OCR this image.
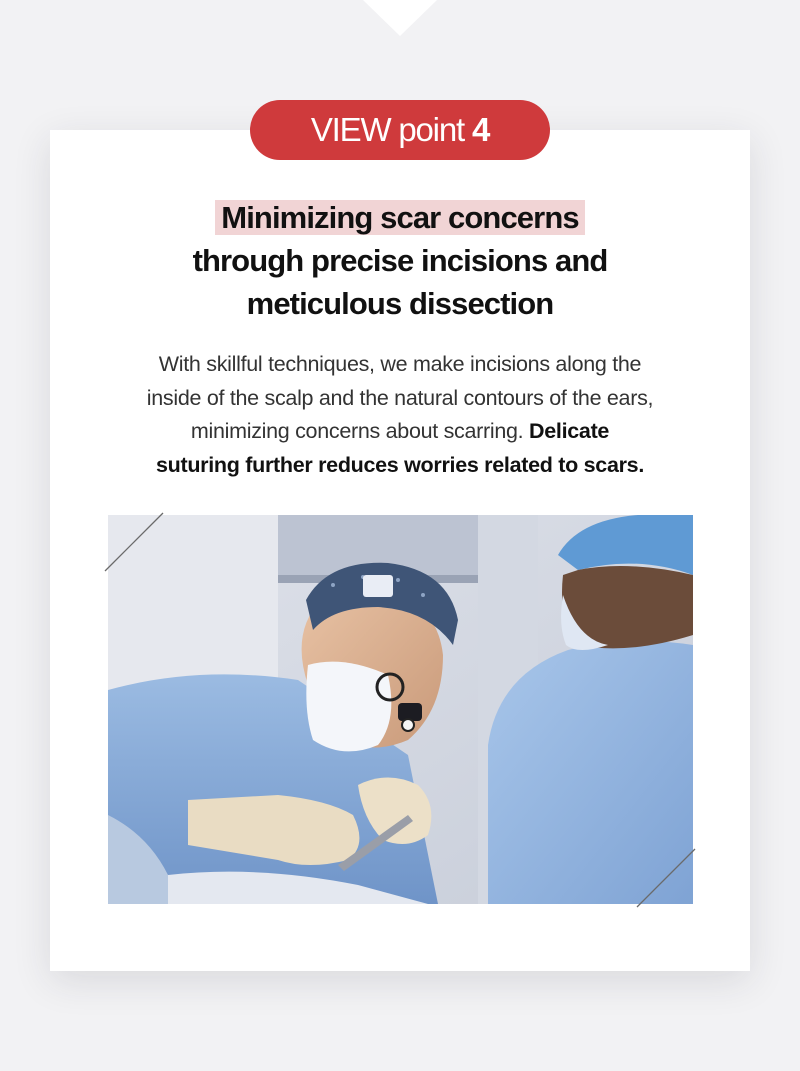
VIEW point 4
Minimizing scar concerns
through precise incisions and
meticulous dissection
With skillful techniques, we make incisions along the
inside of the scalp and the natural contours of the ears,
minimizing concerns about scarring. Delicate
suturing further reduces worries related to scars.
